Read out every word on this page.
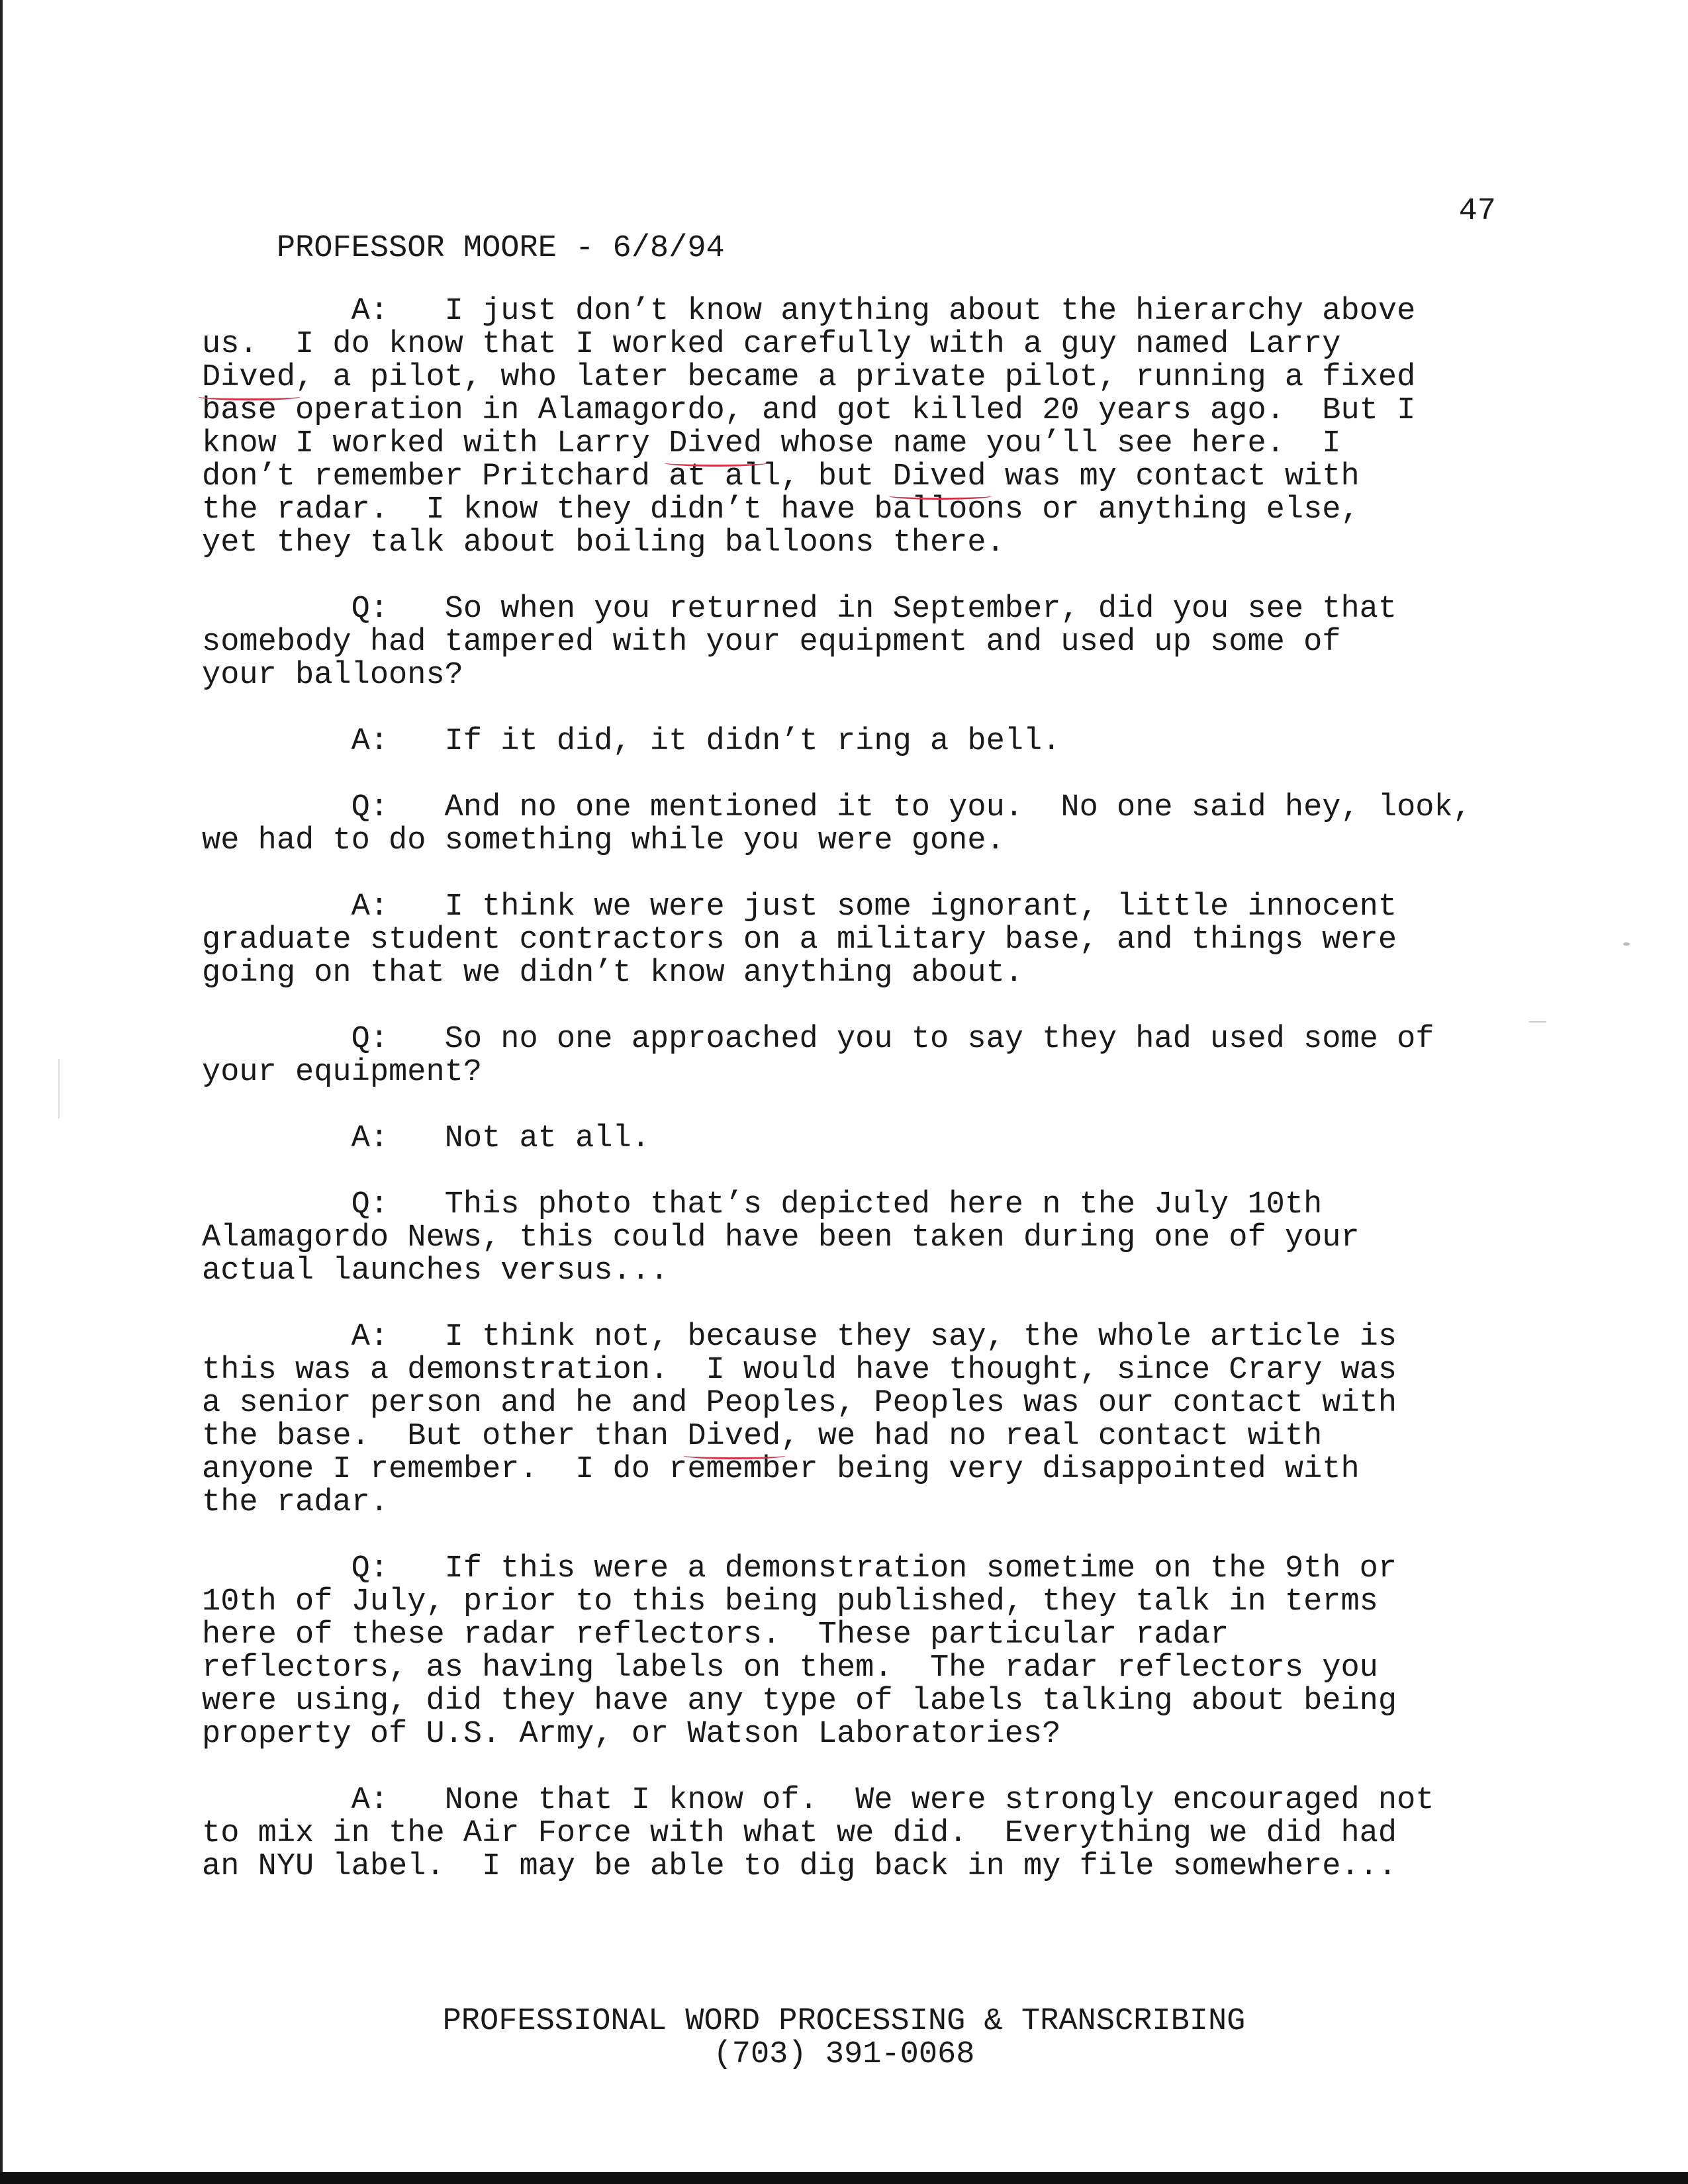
PROFESSOR MOORE - 6/8/94

47

A:   I just don’t know anything about the hierarchy above
us.  I do know that I worked carefully with a guy named Larry
Dived, a pilot, who later became a private pilot, running a fixed
base operation in Alamagordo, and got killed 20 years ago.  But I
know I worked with Larry Dived whose name you’ll see here.  I
don’t remember Pritchard at all, but Dived was my contact with
the radar.  I know they didn’t have balloons or anything else,
yet they talk about boiling balloons there.
Q:   So when you returned in September, did you see that
somebody had tampered with your equipment and used up some of
your balloons?
A:   If it did, it didn’t ring a bell.
Q:   And no one mentioned it to you.  No one said hey, look,
we had to do something while you were gone.
A:   I think we were just some ignorant, little innocent
graduate student contractors on a military base, and things were
going on that we didn’t know anything about.
Q:   So no one approached you to say they had used some of
your equipment?
A:   Not at all.
Q:   This photo that’s depicted here n the July 10th
Alamagordo News, this could have been taken during one of your
actual launches versus...
A:   I think not, because they say, the whole article is
this was a demonstration.  I would have thought, since Crary was
a senior person and he and Peoples, Peoples was our contact with
the base.  But other than Dived, we had no real contact with
anyone I remember.  I do remember being very disappointed with
the radar.
Q:   If this were a demonstration sometime on the 9th or
10th of July, prior to this being published, they talk in terms
here of these radar reflectors.  These particular radar
reflectors, as having labels on them.  The radar reflectors you
were using, did they have any type of labels talking about being
property of U.S. Army, or Watson Laboratories?
A:   None that I know of.  We were strongly encouraged not
to mix in the Air Force with what we did.  Everything we did had
an NYU label.  I may be able to dig back in my file somewhere...
PROFESSIONAL WORD PROCESSING & TRANSCRIBING
(703) 391-0068
